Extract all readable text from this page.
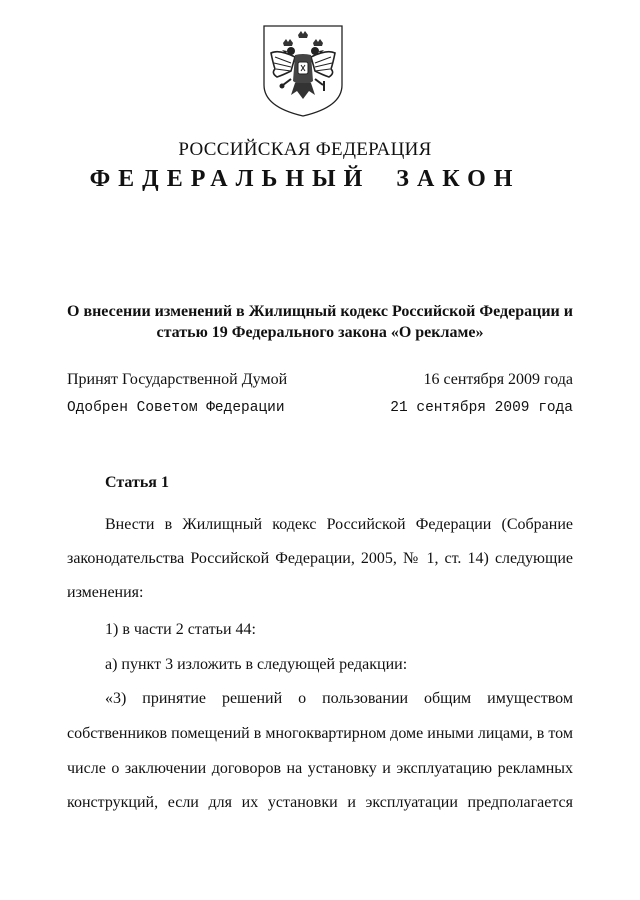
РОССИЙСКАЯ ФЕДЕРАЦИЯ
ФЕДЕРАЛЬНЫЙ ЗАКОН
О внесении изменений в Жилищный кодекс Российской Федерации и
статью 19 Федерального закона «О рекламе»
Принят Государственной Думой	16 сентября 2009 года
Одобрен Советом Федерации	21 сентября 2009 года
Статья 1
Внести в Жилищный кодекс Российской Федерации (Собрание
законодательства Российской Федерации, 2005, № 1, ст. 14) следующие
изменения:
1) в части 2 статьи 44:
а) пункт 3 изложить в следующей редакции:
«3) принятие решений о пользовании общим имуществом
собственников помещений в многоквартирном доме иными лицами, в том
числе о заключении договоров на установку и эксплуатацию рекламных
конструкций, если для их установки и эксплуатации предполагается
